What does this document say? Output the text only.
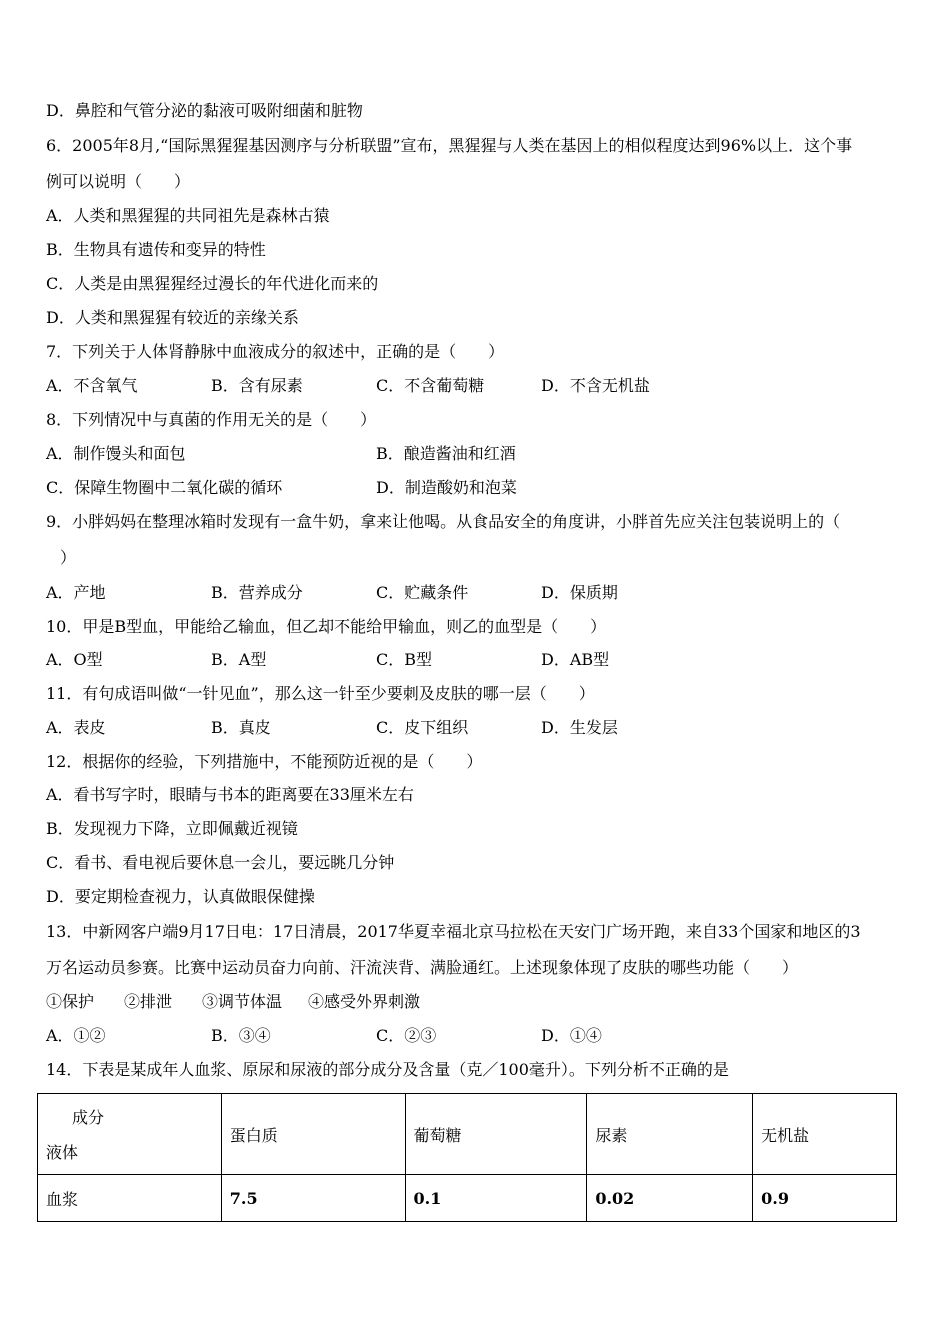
D．鼻腔和气管分泌的黏液可吸附细菌和脏物
6．2005年8月,“国际黑猩猩基因测序与分析联盟”宣布，黑猩猩与人类在基因上的相似程度达到96%以上．这个事
例可以说明（　　）
A．人类和黑猩猩的共同祖先是森林古猿
B．生物具有遗传和变异的特性
C．人类是由黑猩猩经过漫长的年代进化而来的
D．人类和黑猩猩有较近的亲缘关系
7．下列关于人体肾静脉中血液成分的叙述中，正确的是（　　）
A．不含氧气	B．含有尿素	C．不含葡萄糖	D．不含无机盐
8．下列情况中与真菌的作用无关的是（　　）
A．制作馒头和面包	B．酿造酱油和红酒
C．保障生物圈中二氧化碳的循环	D．制造酸奶和泡菜
9．小胖妈妈在整理冰箱时发现有一盒牛奶，拿来让他喝。从食品安全的角度讲，小胖首先应关注包装说明上的（
）
A．产地	B．营养成分	C．贮藏条件	D．保质期
10．甲是B型血，甲能给乙输血，但乙却不能给甲输血，则乙的血型是（　　）
A．O型	B．A型	C．B型	D．AB型
11．有句成语叫做“一针见血”，那么这一针至少要刺及皮肤的哪一层（　　）
A．表皮	B．真皮	C．皮下组织	D．生发层
12．根据你的经验，下列措施中，不能预防近视的是（　　）
A．看书写字时，眼睛与书本的距离要在33厘米左右
B．发现视力下降，立即佩戴近视镜
C．看书、看电视后要休息一会儿，要远眺几分钟
D．要定期检查视力，认真做眼保健操
13．中新网客户端9月17日电：17日清晨，2017华夏幸福北京马拉松在天安门广场开跑，来自33个国家和地区的3
万名运动员参赛。比赛中运动员奋力向前、汗流浃背、满脸通红。上述现象体现了皮肤的哪些功能（　　）
①保护 ②排泄 ③调节体温 ④感受外界刺激
A．①②	B．③④	C．②③	D．①④
14．下表是某成年人血浆、原尿和尿液的部分成分及含量（克／100毫升）。下列分析不正确的是
成分
液体	蛋白质	葡萄糖	尿素	无机盐
血浆	7.5	0.1	0.02	0.9
